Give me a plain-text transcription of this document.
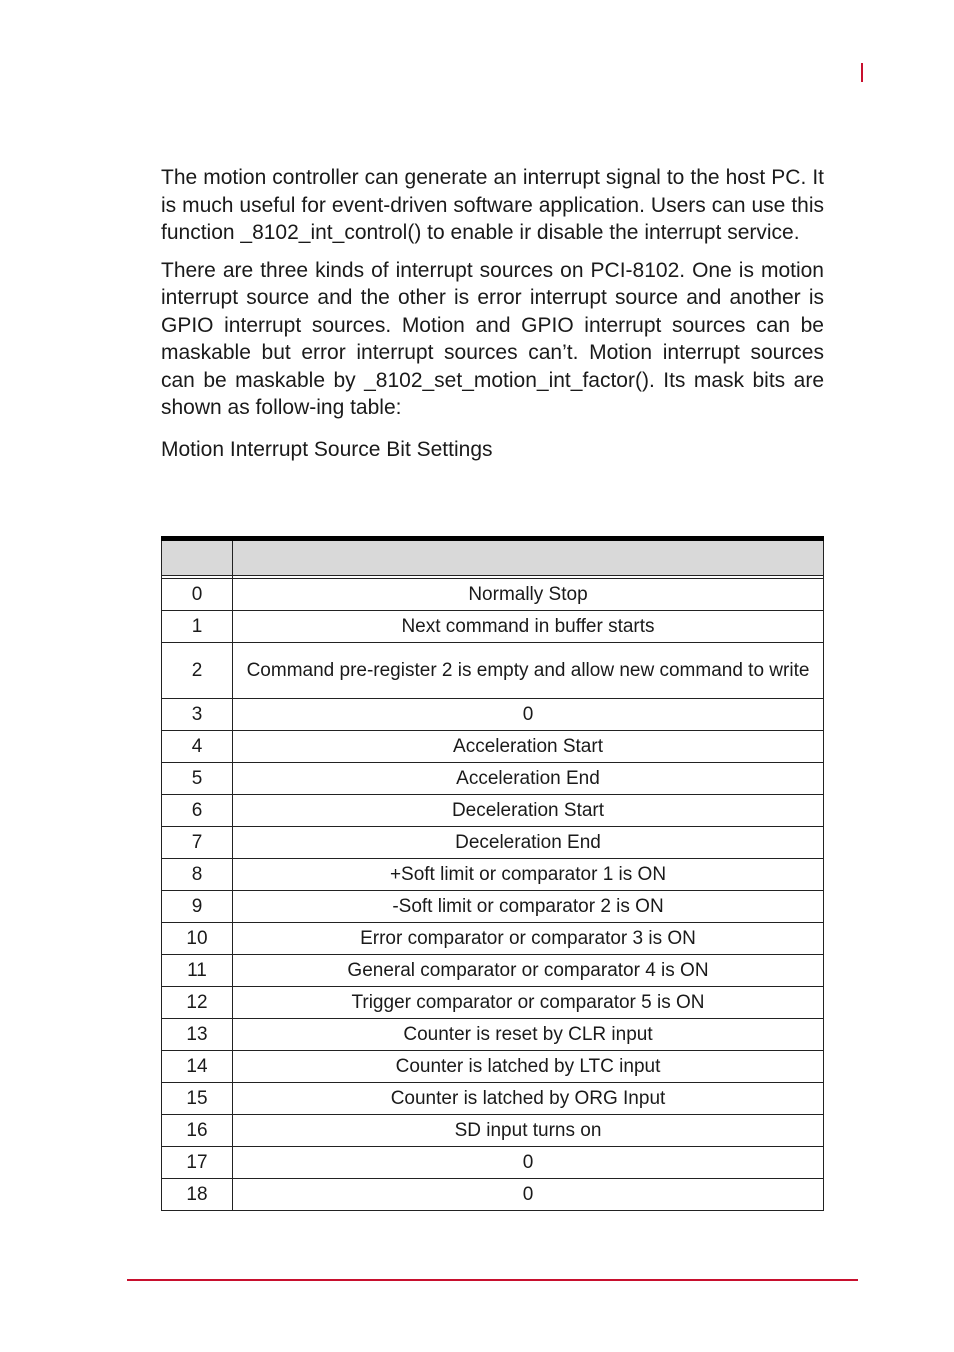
The motion controller can generate an interrupt signal to the host PC. It is much useful for event-driven software application. Users can use this function _8102_int_control() to enable ir disable the interrupt service.

There are three kinds of interrupt sources on PCI-8102. One is motion interrupt source and the other is error interrupt source and another is GPIO interrupt sources. Motion and GPIO interrupt sources can be maskable but error interrupt sources can’t. Motion interrupt sources can be maskable by _8102_set_motion_int_factor(). Its mask bits are shown as follow-ing table:

Motion Interrupt Source Bit Settings

0	Normally Stop
1	Next command in buffer starts
2	Command pre-register 2 is empty and allow new command to write
3	0
4	Acceleration Start
5	Acceleration End
6	Deceleration Start
7	Deceleration End
8	+Soft limit or comparator 1 is ON
9	-Soft limit or comparator 2 is ON
10	Error comparator or comparator 3 is ON
11	General comparator or comparator 4 is ON
12	Trigger comparator or comparator 5 is ON
13	Counter is reset by CLR input
14	Counter is latched by LTC input
15	Counter is latched by ORG Input
16	SD input turns on
17	0
18	0
